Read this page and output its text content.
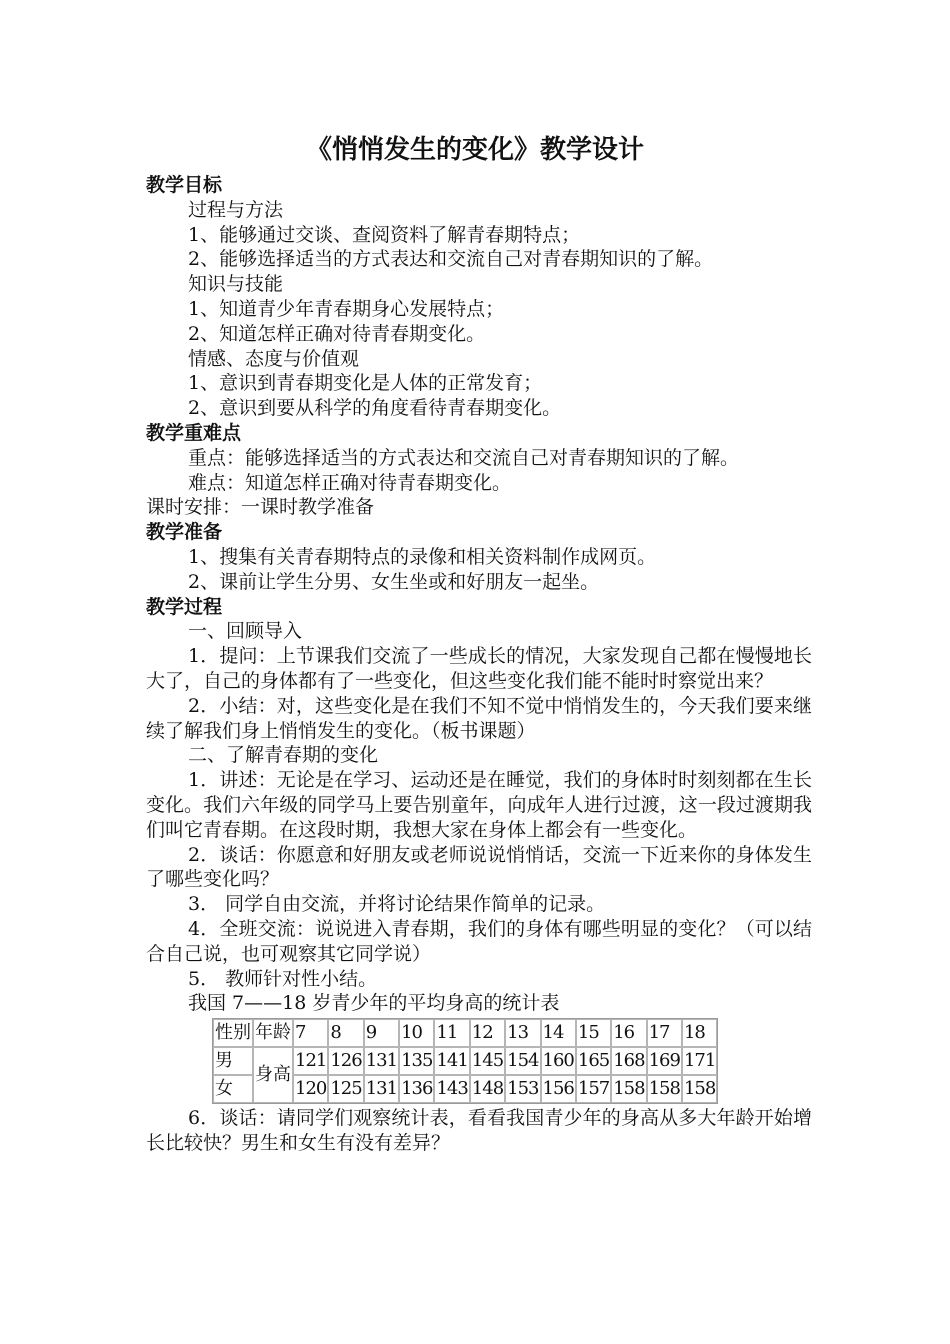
《悄悄发生的变化》教学设计

教学目标

过程与方法

1、能够通过交谈、查阅资料了解青春期特点；

2、能够选择适当的方式表达和交流自己对青春期知识的了解。

知识与技能

1、知道青少年青春期身心发展特点；

2、知道怎样正确对待青春期变化。

情感、态度与价值观

1、意识到青春期变化是人体的正常发育；

2、意识到要从科学的角度看待青春期变化。

教学重难点

重点：能够选择适当的方式表达和交流自己对青春期知识的了解。

难点：知道怎样正确对待青春期变化。

课时安排：一课时教学准备

教学准备

1、搜集有关青春期特点的录像和相关资料制作成网页。

2、课前让学生分男、女生坐或和好朋友一起坐。

教学过程

一、回顾导入

1．提问：上节课我们交流了一些成长的情况，大家发现自己都在慢慢地长大了，自己的身体都有了一些变化，但这些变化我们能不能时时察觉出来？

2．小结：对，这些变化是在我们不知不觉中悄悄发生的，今天我们要来继续了解我们身上悄悄发生的变化。（板书课题）

二、了解青春期的变化

1．讲述：无论是在学习、运动还是在睡觉，我们的身体时时刻刻都在生长变化。我们六年级的同学马上要告别童年，向成年人进行过渡，这一段过渡期我们叫它青春期。在这段时期，我想大家在身体上都会有一些变化。

2．谈话：你愿意和好朋友或老师说说悄悄话，交流一下近来你的身体发生了哪些变化吗？

3． 同学自由交流，并将讨论结果作简单的记录。

4．全班交流：说说进入青春期，我们的身体有哪些明显的变化？（可以结合自己说，也可观察其它同学说）

5． 教师针对性小结。

我国 7——18 岁青少年的平均身高的统计表

性别	年龄	7	8	9	10	11	12	13	14	15	16	17	18
男	身高	121	126	131	135	141	145	154	160	165	168	169	171
女		120	125	131	136	143	148	153	156	157	158	158	158

6．谈话：请同学们观察统计表，看看我国青少年的身高从多大年龄开始增长比较快？男生和女生有没有差异？
